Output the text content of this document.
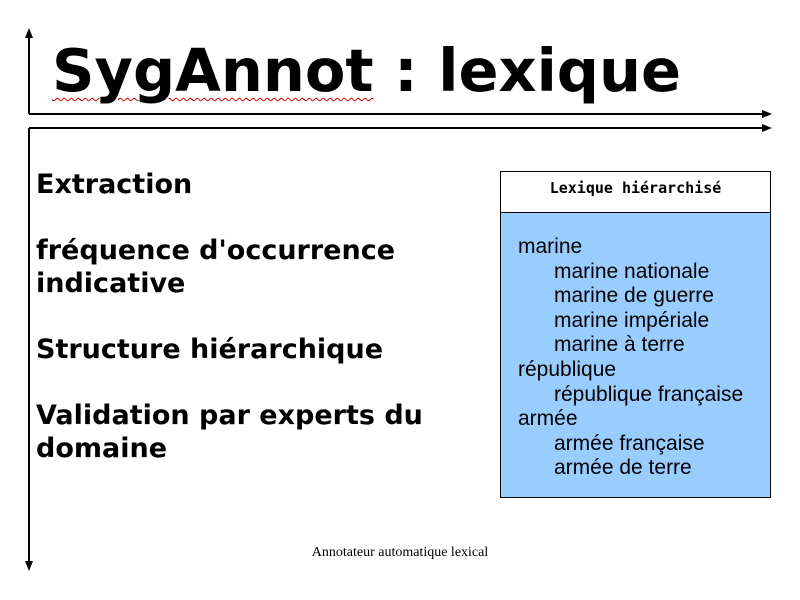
SygAnnot : lexique
Extraction
fréquence d'occurrence indicative
Structure hiérarchique
Validation par experts du domaine
Lexique hiérarchisé
marine
marine nationale
marine de guerre
marine impériale
marine à terre
république
république française
armée
armée française
armée de terre
Annotateur automatique lexical
